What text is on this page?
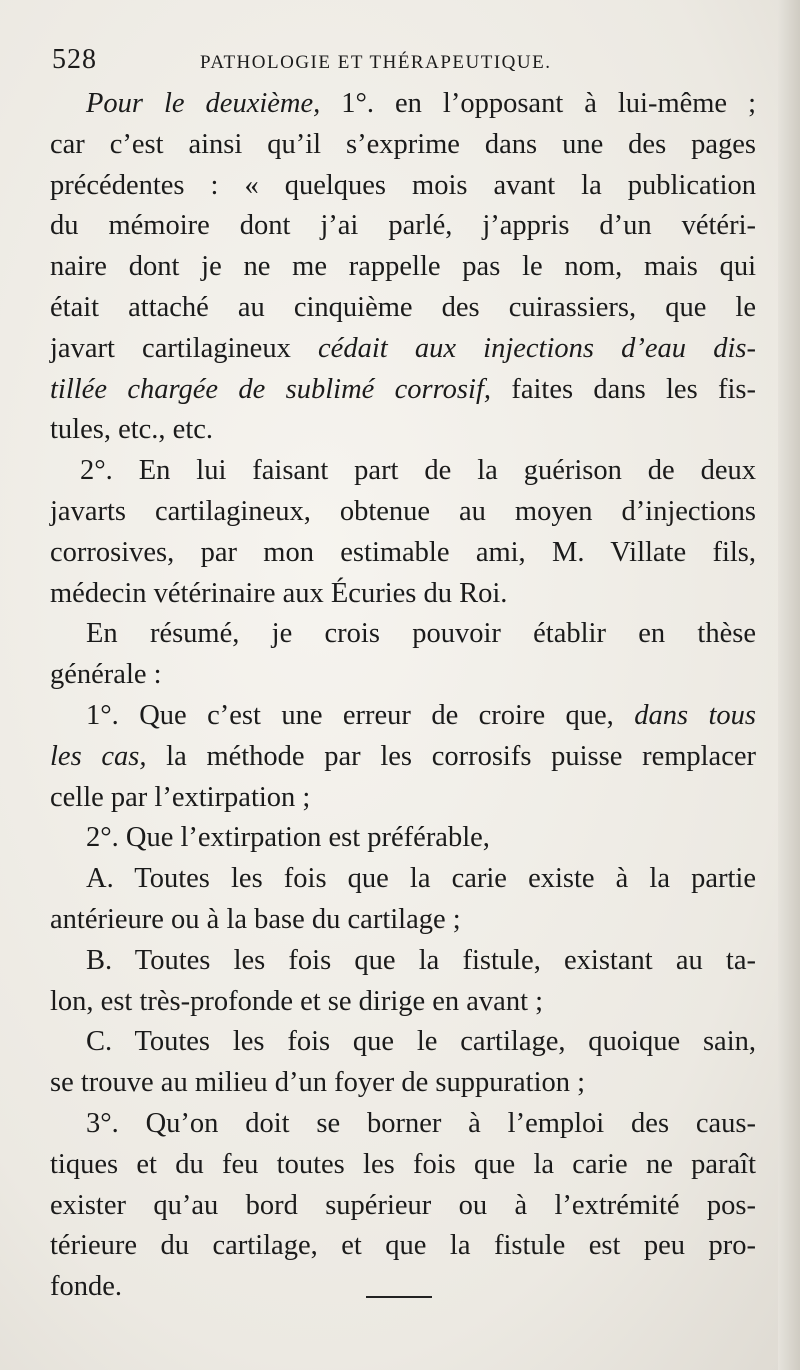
528	PATHOLOGIE ET THÉRAPEUTIQUE.
Pour le deuxième, 1°. en l’opposant à lui-même ;
car c’est ainsi qu’il s’exprime dans une des pages
précédentes : « quelques mois avant la publication
du mémoire dont j’ai parlé, j’appris d’un vétéri-
naire dont je ne me rappelle pas le nom, mais qui
était attaché au cinquième des cuirassiers, que le
javart cartilagineux cédait aux injections d’eau dis-
tillée chargée de sublimé corrosif, faites dans les fis-
tules, etc., etc.
2°. En lui faisant part de la guérison de deux
javarts cartilagineux, obtenue au moyen d’injections
corrosives, par mon estimable ami, M. Villate fils,
médecin vétérinaire aux Écuries du Roi.
En résumé, je crois pouvoir établir en thèse
générale :
1°. Que c’est une erreur de croire que, dans tous
les cas, la méthode par les corrosifs puisse remplacer
celle par l’extirpation ;
2°. Que l’extirpation est préférable,
A. Toutes les fois que la carie existe à la partie
antérieure ou à la base du cartilage ;
B. Toutes les fois que la fistule, existant au ta-
lon, est très-profonde et se dirige en avant ;
C. Toutes les fois que le cartilage, quoique sain,
se trouve au milieu d’un foyer de suppuration ;
3°. Qu’on doit se borner à l’emploi des caus-
tiques et du feu toutes les fois que la carie ne paraît
exister qu’au bord supérieur ou à l’extrémité pos-
térieure du cartilage, et que la fistule est peu pro-
fonde.
